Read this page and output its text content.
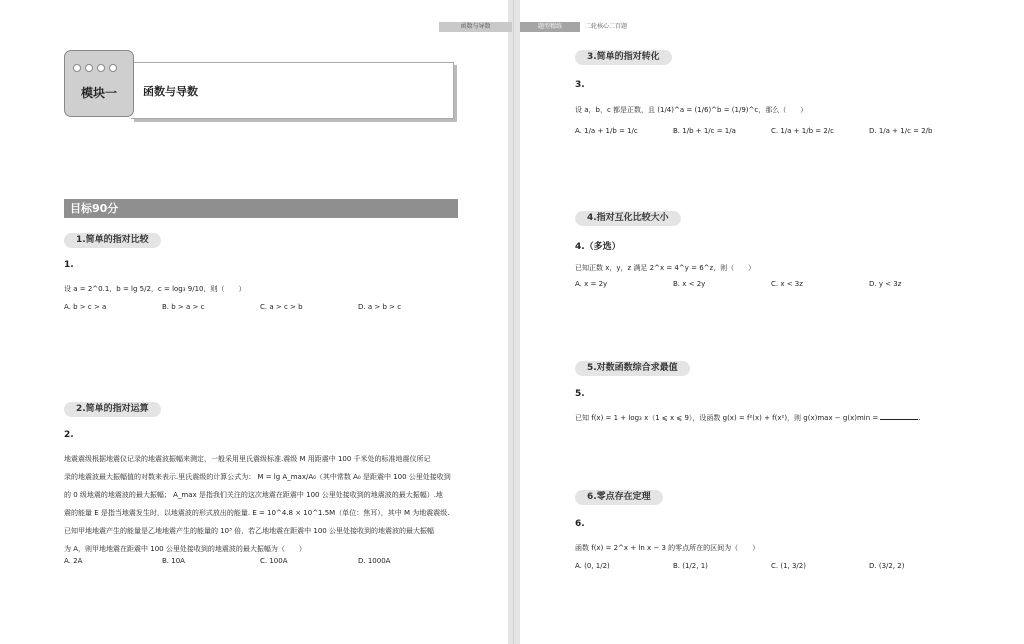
函数与导数	题型精练	二轮核心二百题
函数与导数
模块一
目标90分
1.简单的指对比较
1.
设 a = 2^0.1，b = lg 5/2，c = log₃ 9/10，则（　　）
A. b > c > a	B. b > a > c	C. a > c > b	D. a > b > c
2.简单的指对运算
2.
地震震级根据地震仪记录的地震波振幅来测定，一般采用里氏震级标准.震级 M 用距震中 100 千米处的标准地震仪所记
录的地震波最大振幅值的对数来表示.里氏震级的计算公式为： M = lg A_max/A₀（其中常数 A₀ 是距震中 100 公里处接收到
的 0 级地震的地震波的最大振幅； A_max 是指我们关注的这次地震在距震中 100 公里处接收到的地震波的最大振幅）.地
震的能量 E 是指当地震发生时，以地震波的形式放出的能量. E = 10^4.8 × 10^1.5M（单位：焦耳），其中 M 为地震震级.
已知甲地地震产生的能量是乙地地震产生的能量的 10³ 倍，若乙地地震在距震中 100 公里处接收到的地震波的最大振幅
为 A，则甲地地震在距震中 100 公里处接收到的地震波的最大振幅为（　　）
A. 2A	B. 10A	C. 100A	D. 1000A
3.简单的指对转化
3.
设 a，b，c 都是正数，且 (1/4)^a = (1/6)^b = (1/9)^c，那么（　　）
A. 1/a + 1/b = 1/c	B. 1/b + 1/c = 1/a	C. 1/a + 1/b = 2/c	D. 1/a + 1/c = 2/b
4.指对互化比较大小
4.（多选）
已知正数 x，y，z 满足 2^x = 4^y = 6^z，则（　　）
A. x = 2y	B. x < 2y	C. x < 3z	D. y < 3z
5.对数函数综合求最值
5.
已知 f(x) = 1 + log₃ x（1 ⩽ x ⩽ 9），设函数 g(x) = f²(x) + f(x²)，则 g(x)max − g(x)min =	.
6.零点存在定理
6.
函数 f(x) = 2^x + ln x − 3 的零点所在的区间为（　　）
A. (0, 1/2)	B. (1/2, 1)	C. (1, 3/2)	D. (3/2, 2)
